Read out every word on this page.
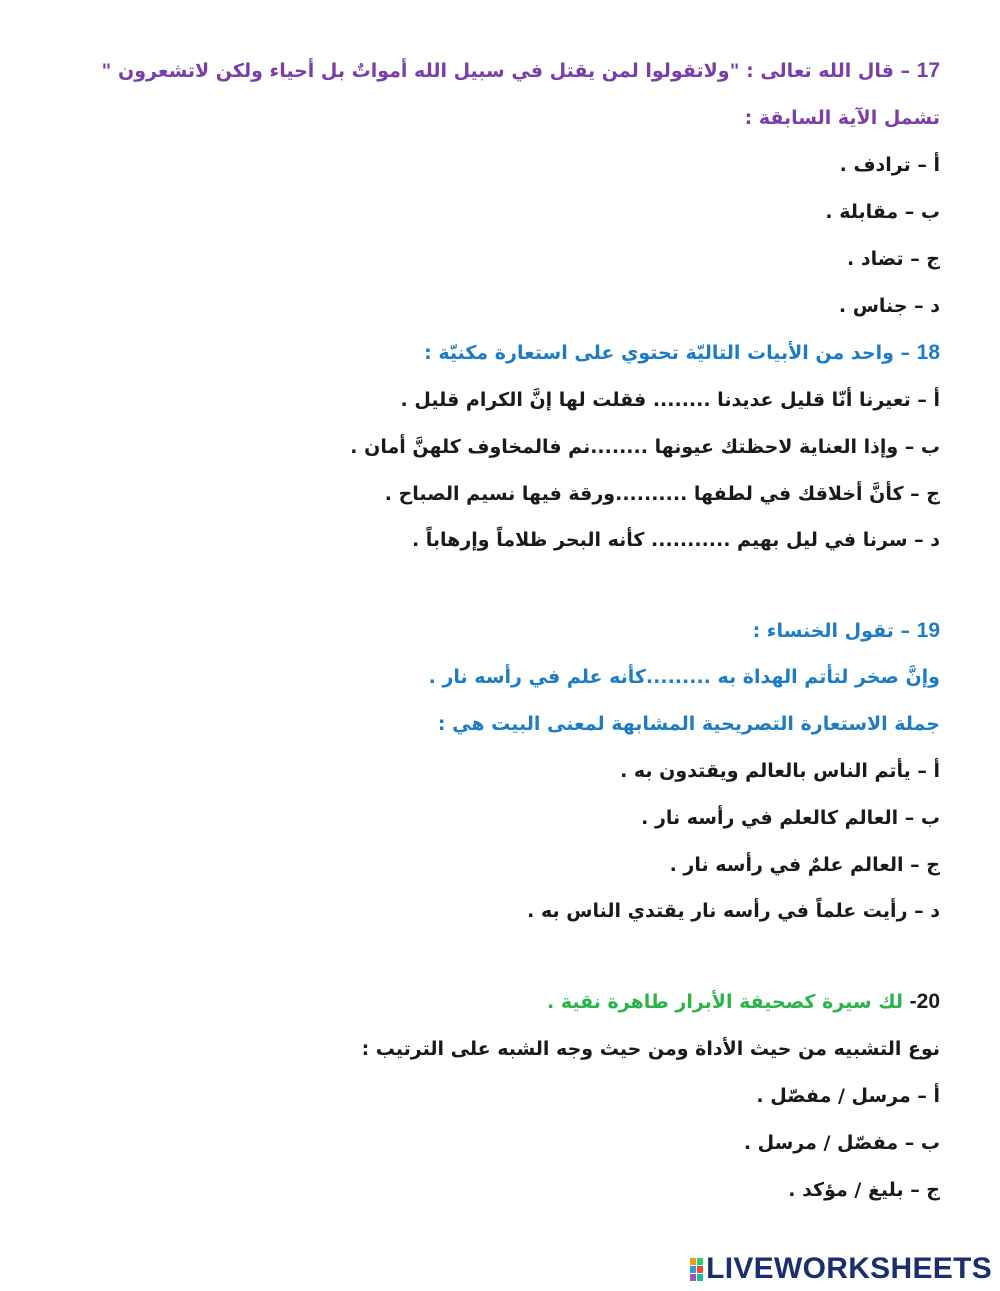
17 – قال الله تعالى : "ولاتقولوا لمن يقتل في سبيل الله أمواتٌ بل أحياء ولكن لاتشعرون "
تشمل الآية السابقة :
أ – ترادف .
ب – مقابلة .
ج – تضاد .
د – جناس .
18 – واحد من الأبيات التاليّة تحتوي على استعارة مكنيّة :
أ – تعيرنا أنّا قليل عديدنا ........ فقلت لها إنَّ الكرام قليل .
ب – وإذا العناية لاحظتك عيونها ........نم فالمخاوف كلهنَّ أمان .
ج – كأنَّ أخلاقك في لطفها ..........ورقة فيها نسيم الصباح .
د – سرنا في ليل بهيم ........... كأنه البحر ظلاماً وإرهاباً .
19 – تقول الخنساء :
وإنَّ صخر لتأتم الهداة به .........كأنه علم في رأسه نار .
جملة الاستعارة التصريحية المشابهة لمعنى البيت هي :
أ – يأتم الناس بالعالم ويقتدون به .
ب – العالم كالعلم في رأسه نار .
ج – العالم علمٌ في رأسه نار .
د – رأيت علماً في رأسه نار يقتدي الناس به .
20- لك سيرة كصحيفة الأبرار طاهرة نقية .
نوع التشبيه من حيث الأداة ومن حيث وجه الشبه على الترتيب :
أ – مرسل / مفصّل .
ب – مفصّل / مرسل .
ج – بليغ / مؤكد .
LIVEWORKSHEETS
